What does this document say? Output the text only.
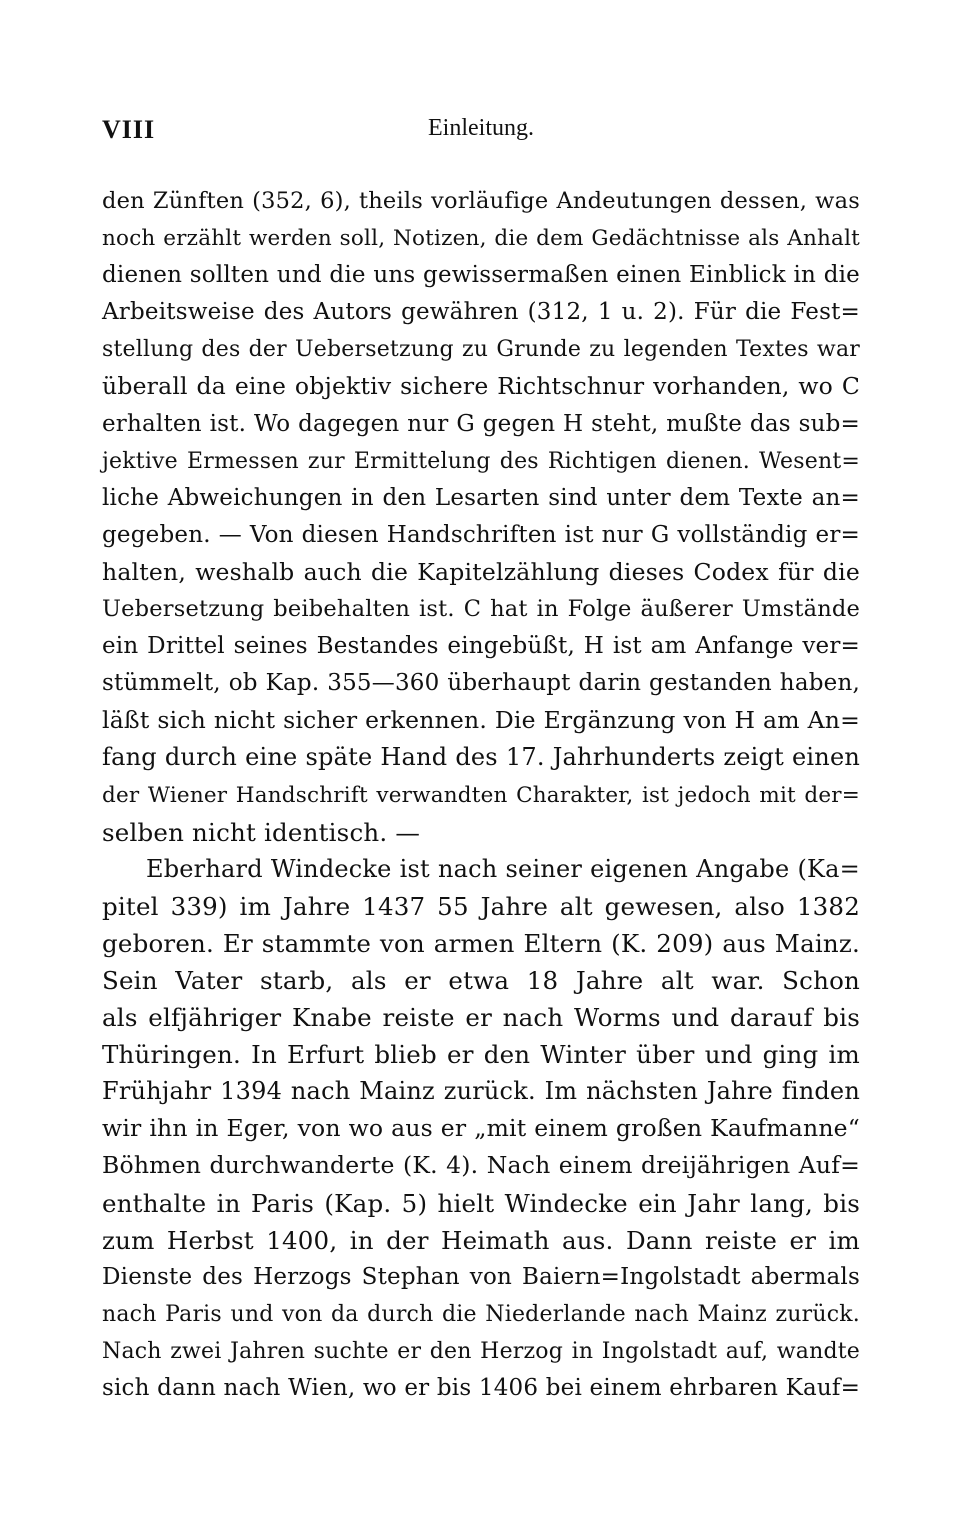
VIII	Einleitung.
den Zünften (352, 6), theils vorläufige Andeutungen dessen, was
noch erzählt werden soll, Notizen, die dem Gedächtnisse als Anhalt
dienen sollten und die uns gewissermaßen einen Einblick in die
Arbeitsweise des Autors gewähren (312, 1 u. 2). Für die Fest=
stellung des der Uebersetzung zu Grunde zu legenden Textes war
überall da eine objektiv sichere Richtschnur vorhanden, wo C
erhalten ist. Wo dagegen nur G gegen H steht, mußte das sub=
jektive Ermessen zur Ermittelung des Richtigen dienen. Wesent=
liche Abweichungen in den Lesarten sind unter dem Texte an=
gegeben. — Von diesen Handschriften ist nur G vollständig er=
halten, weshalb auch die Kapitelzählung dieses Codex für die
Uebersetzung beibehalten ist. C hat in Folge äußerer Umstände
ein Drittel seines Bestandes eingebüßt, H ist am Anfange ver=
stümmelt, ob Kap. 355—360 überhaupt darin gestanden haben,
läßt sich nicht sicher erkennen. Die Ergänzung von H am An=
fang durch eine späte Hand des 17. Jahrhunderts zeigt einen
der Wiener Handschrift verwandten Charakter, ist jedoch mit der=
selben nicht identisch. —
Eberhard Windecke ist nach seiner eigenen Angabe (Ka=
pitel 339) im Jahre 1437 55 Jahre alt gewesen, also 1382
geboren. Er stammte von armen Eltern (K. 209) aus Mainz.
Sein Vater starb, als er etwa 18 Jahre alt war. Schon
als elfjähriger Knabe reiste er nach Worms und darauf bis
Thüringen. In Erfurt blieb er den Winter über und ging im
Frühjahr 1394 nach Mainz zurück. Im nächsten Jahre finden
wir ihn in Eger, von wo aus er „mit einem großen Kaufmanne“
Böhmen durchwanderte (K. 4). Nach einem dreijährigen Auf=
enthalte in Paris (Kap. 5) hielt Windecke ein Jahr lang, bis
zum Herbst 1400, in der Heimath aus. Dann reiste er im
Dienste des Herzogs Stephan von Baiern=Ingolstadt abermals
nach Paris und von da durch die Niederlande nach Mainz zurück.
Nach zwei Jahren suchte er den Herzog in Ingolstadt auf, wandte
sich dann nach Wien, wo er bis 1406 bei einem ehrbaren Kauf=
